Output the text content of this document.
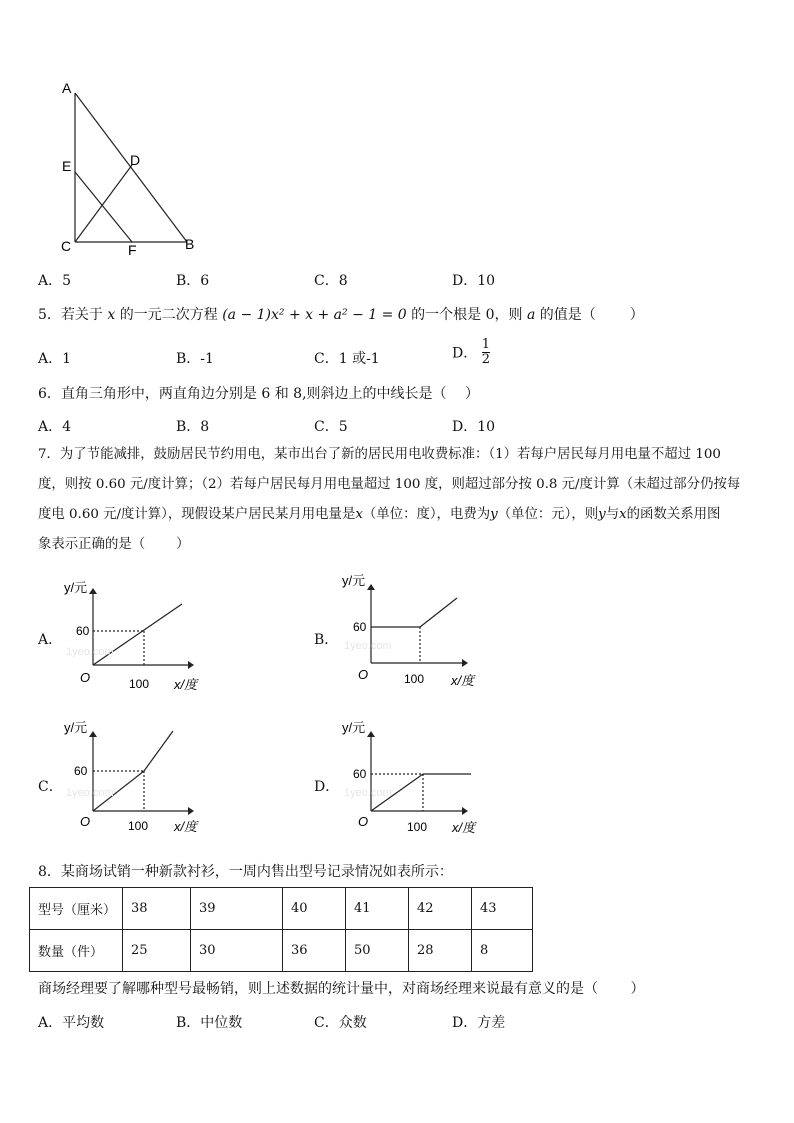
A
E	D
C	F	B
A．5	B．6	C．8	D．10
5．若关于 x 的一元二次方程 (a − 1)x² + x + a² − 1 = 0 的一个根是 0，则 a 的值是（ ）
A．1	B．-1	C．1 或-1	D． $\frac{1}{2}$
6．直角三角形中，两直角边分别是 6 和 8,则斜边上的中线长是（　 ）
A．4	B．8	C．5	D．10
7．为了节能减排，鼓励居民节约用电，某市出台了新的居民用电收费标准：（1）若每户居民每月用电量不超过 100
度，则按 0.60 元/度计算；（2）若每户居民每月用电量超过 100 度，则超过部分按 0.8 元/度计算（未超过部分仍按每
度电 0.60 元/度计算），现假设某户居民某月用电量是x（单位：度），电费为y（单位：元），则y与x的函数关系用图
象表示正确的是（　　 ）
A．	B．
C．	D．
y/元
60
O	100 x/度
1yeo.com
y/元
60
O	100 x/度
1yeo.com
y/元
60
O	100 x/度
1yeo.com
y/元
60
O	100 x/度
1yeo.com
8．某商场试销一种新款衬衫，一周内售出型号记录情况如表所示：
型号（厘米）	38	39	40	41	42	43
数量（件）	25	30	36	50	28	8
商场经理要了解哪种型号最畅销，则上述数据的统计量中，对商场经理来说最有意义的是（　　 ）
A．平均数	B．中位数	C．众数	D．方差
